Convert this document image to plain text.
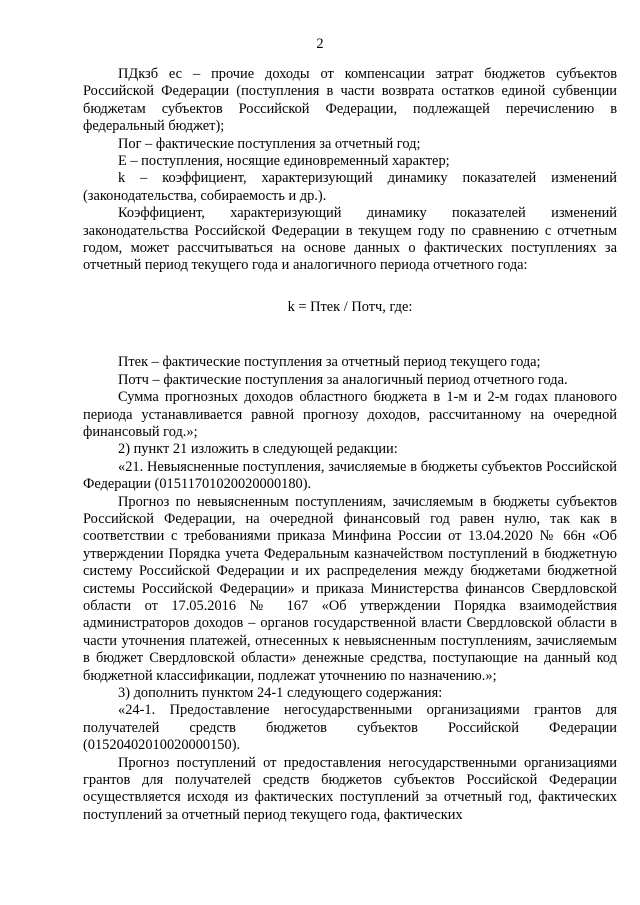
2

ПДкзб ес – прочие доходы от компенсации затрат бюджетов субъектов Российской Федерации (поступления в части возврата остатков единой субвенции бюджетам субъектов Российской Федерации, подлежащей перечислению в федеральный бюджет);

Пог – фактические поступления за отчетный год;

Е – поступления, носящие единовременный характер;

k – коэффициент, характеризующий динамику показателей изменений (законодательства, собираемость и др.).

Коэффициент, характеризующий динамику показателей изменений законодательства Российской Федерации в текущем году по сравнению с отчетным годом, может рассчитываться на основе данных о фактических поступлениях за отчетный период текущего года и аналогичного периода отчетного года:

k = Птек / Потч, где:

Птек – фактические поступления за отчетный период текущего года;

Потч – фактические поступления за аналогичный период отчетного года.

Сумма прогнозных доходов областного бюджета в 1-м и 2-м годах планового периода устанавливается равной прогнозу доходов, рассчитанному на очередной финансовый год.»;

2) пункт 21 изложить в следующей редакции:

«21. Невыясненные поступления, зачисляемые в бюджеты субъектов Российской Федерации (01511701020020000180).

Прогноз по невыясненным поступлениям, зачисляемым в бюджеты субъектов Российской Федерации, на очередной финансовый год равен нулю, так как в соответствии с требованиями приказа Минфина России от 13.04.2020 № 66н «Об утверждении Порядка учета Федеральным казначейством поступлений в бюджетную систему Российской Федерации и их распределения между бюджетами бюджетной системы Российской Федерации» и приказа Министерства финансов Свердловской области от 17.05.2016 № 167 «Об утверждении Порядка взаимодействия администраторов доходов – органов государственной власти Свердловской области в части уточнения платежей, отнесенных к невыясненным поступлениям, зачисляемым в бюджет Свердловской области» денежные средства, поступающие на данный код бюджетной классификации, подлежат уточнению по назначению.»;

3) дополнить пунктом 24-1 следующего содержания:

«24-1. Предоставление негосударственными организациями грантов для получателей средств бюджетов субъектов Российской Федерации (01520402010020000150).

Прогноз поступлений от предоставления негосударственными организациями грантов для получателей средств бюджетов субъектов Российской Федерации осуществляется исходя из фактических поступлений за отчетный год, фактических поступлений за отчетный период текущего года, фактических
